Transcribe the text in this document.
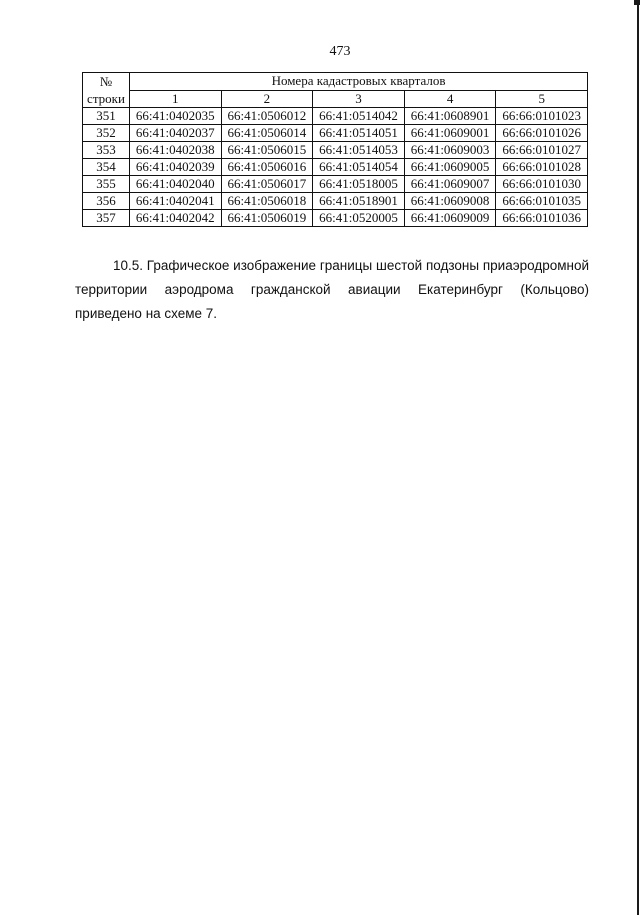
473
№
строки	Номера кадастровых кварталов				
	1	2	3	4	5
351	66:41:0402035	66:41:0506012	66:41:0514042	66:41:0608901	66:66:0101023
352	66:41:0402037	66:41:0506014	66:41:0514051	66:41:0609001	66:66:0101026
353	66:41:0402038	66:41:0506015	66:41:0514053	66:41:0609003	66:66:0101027
354	66:41:0402039	66:41:0506016	66:41:0514054	66:41:0609005	66:66:0101028
355	66:41:0402040	66:41:0506017	66:41:0518005	66:41:0609007	66:66:0101030
356	66:41:0402041	66:41:0506018	66:41:0518901	66:41:0609008	66:66:0101035
357	66:41:0402042	66:41:0506019	66:41:0520005	66:41:0609009	66:66:0101036

10.5. Графическое изображение границы шестой подзоны приаэродромной территории аэродрома гражданской авиации Екатеринбург (Кольцово) приведено на схеме 7.
